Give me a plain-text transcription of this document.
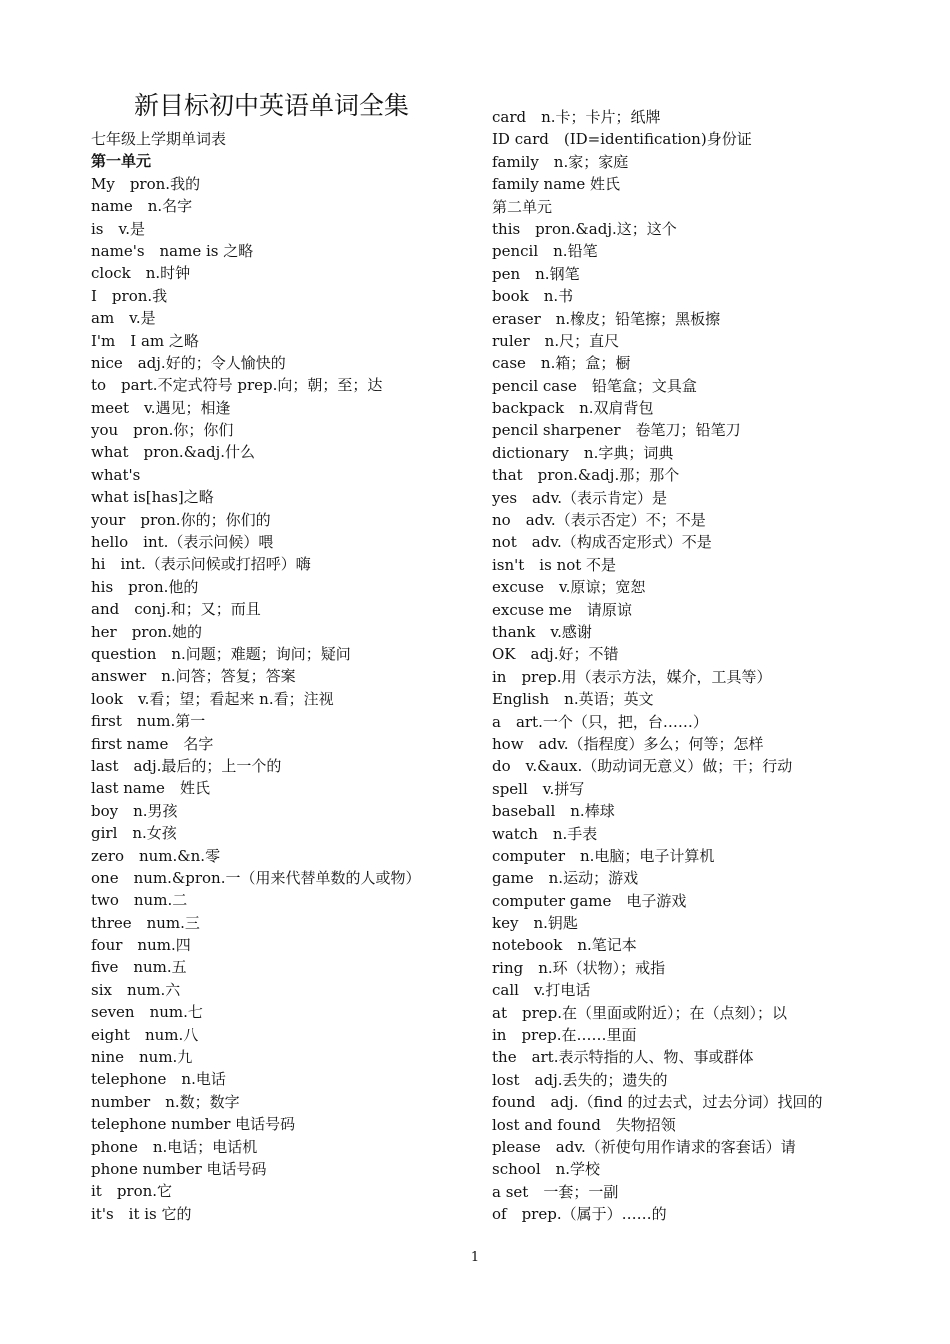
新目标初中英语单词全集
七年级上学期单词表
第一单元
My　pron.我的
name　n.名字
is　v.是
name's　name is 之略
clock　n.时钟
I　pron.我
am　v.是
I'm　I am 之略
nice　adj.好的；令人愉快的
to　part.不定式符号 prep.向；朝；至；达
meet　v.遇见；相逢
you　pron.你；你们
what　pron.&adj.什么
what's
what is[has]之略
your　pron.你的；你们的
hello　int.（表示问候）喂
hi　int.（表示问候或打招呼）嗨
his　pron.他的
and　conj.和；又；而且
her　pron.她的
question　n.问题；难题；询问；疑问
answer　n.问答；答复；答案
look　v.看；望；看起来 n.看；注视
first　num.第一
first name　名字
last　adj.最后的；上一个的
last name　姓氏
boy　n.男孩
girl　n.女孩
zero　num.&n.零
one　num.&pron.一（用来代替单数的人或物）
two　num.二
three　num.三
four　num.四
five　num.五
six　num.六
seven　num.七
eight　num.八
nine　num.九
telephone　n.电话
number　n.数；数字
telephone number 电话号码
phone　n.电话；电话机
phone number 电话号码
it　pron.它
it's　it is 它的
card　n.卡；卡片；纸牌
ID card　(ID=identification)身份证
family　n.家；家庭
family name 姓氏
第二单元
this　pron.&adj.这；这个
pencil　n.铅笔
pen　n.钢笔
book　n.书
eraser　n.橡皮；铅笔擦；黑板擦
ruler　n.尺；直尺
case　n.箱；盒；橱
pencil case　铅笔盒；文具盒
backpack　n.双肩背包
pencil sharpener　卷笔刀；铅笔刀
dictionary　n.字典；词典
that　pron.&adj.那；那个
yes　adv.（表示肯定）是
no　adv.（表示否定）不；不是
not　adv.（构成否定形式）不是
isn't　is not 不是
excuse　v.原谅；宽恕
excuse me　请原谅
thank　v.感谢
OK　adj.好；不错
in　prep.用（表示方法，媒介，工具等）
English　n.英语；英文
a　art.一个（只，把，台……）
how　adv.（指程度）多么；何等；怎样
do　v.&aux.（助动词无意义）做；干；行动
spell　v.拼写
baseball　n.棒球
watch　n.手表
computer　n.电脑；电子计算机
game　n.运动；游戏
computer game　电子游戏
key　n.钥匙
notebook　n.笔记本
ring　n.环（状物）；戒指
call　v.打电话
at　prep.在（里面或附近）；在（点刻）；以
in　prep.在……里面
the　art.表示特指的人、物、事或群体
lost　adj.丢失的；遗失的
found　adj.（find 的过去式，过去分词）找回的
lost and found　失物招领
please　adv.（祈使句用作请求的客套话）请
school　n.学校
a set　一套；一副
of　prep.（属于）……的
1
